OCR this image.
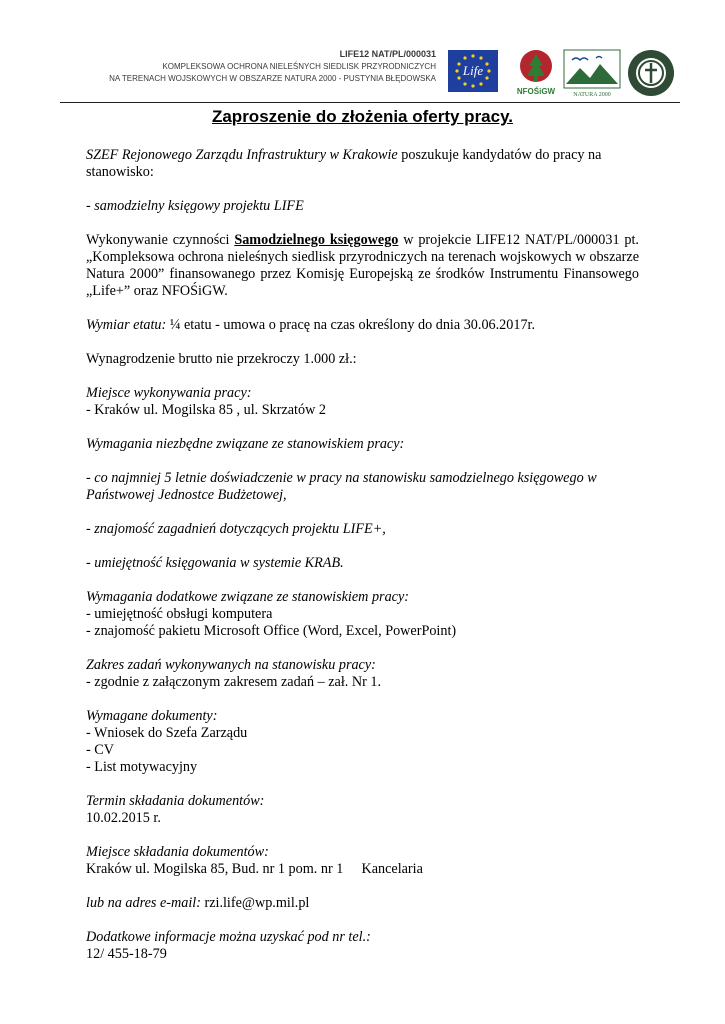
LIFE12 NAT/PL/000031
KOMPLEKSOWA OCHRONA NIELEŚNYCH SIEDLISK PRZYRODNICZYCH
NA TERENACH WOJSKOWYCH W OBSZARZE NATURA 2000 - PUSTYNIA BŁĘDOWSKA
Life
NFOŚiGW	NATURA 2000
Zaproszenie do złożenia oferty pracy.

SZEF Rejonowego Zarządu Infrastruktury w Krakowie poszukuje kandydatów do pracy na stanowisko:

- samodzielny księgowy projektu LIFE

Wykonywanie czynności Samodzielnego księgowego w projekcie LIFE12 NAT/PL/000031 pt.„Kompleksowa ochrona nieleśnych siedlisk przyrodniczych na terenach wojskowych w obszarze Natura 2000” finansowanego przez Komisję Europejską ze środków Instrumentu Finansowego „Life+” oraz NFOŚiGW.

Wymiar etatu: ¼ etatu - umowa o pracę na czas określony do dnia 30.06.2017r.

Wynagrodzenie brutto nie przekroczy 1.000 zł.:

Miejsce wykonywania pracy:

- Kraków ul. Mogilska 85 , ul. Skrzatów 2

Wymagania niezbędne związane ze stanowiskiem pracy:

- co najmniej 5 letnie doświadczenie w pracy na stanowisku samodzielnego księgowego w Państwowej Jednostce Budżetowej,

- znajomość zagadnień dotyczących projektu LIFE+,

- umiejętność księgowania w systemie KRAB.

Wymagania dodatkowe związane ze stanowiskiem pracy:

- umiejętność obsługi komputera

- znajomość pakietu Microsoft Office (Word, Excel, PowerPoint)

Zakres zadań wykonywanych na stanowisku pracy:

- zgodnie z załączonym zakresem zadań – zał. Nr 1.

Wymagane dokumenty:

- Wniosek do Szefa Zarządu

- CV

- List motywacyjny

Termin składania dokumentów:

10.02.2015 r.

Miejsce składania dokumentów:

Kraków ul. Mogilska 85, Bud. nr 1 pom. nr 1 Kancelaria

lub na adres e-mail: rzi.life@wp.mil.pl

Dodatkowe informacje można uzyskać pod nr tel.:

12/ 455-18-79
